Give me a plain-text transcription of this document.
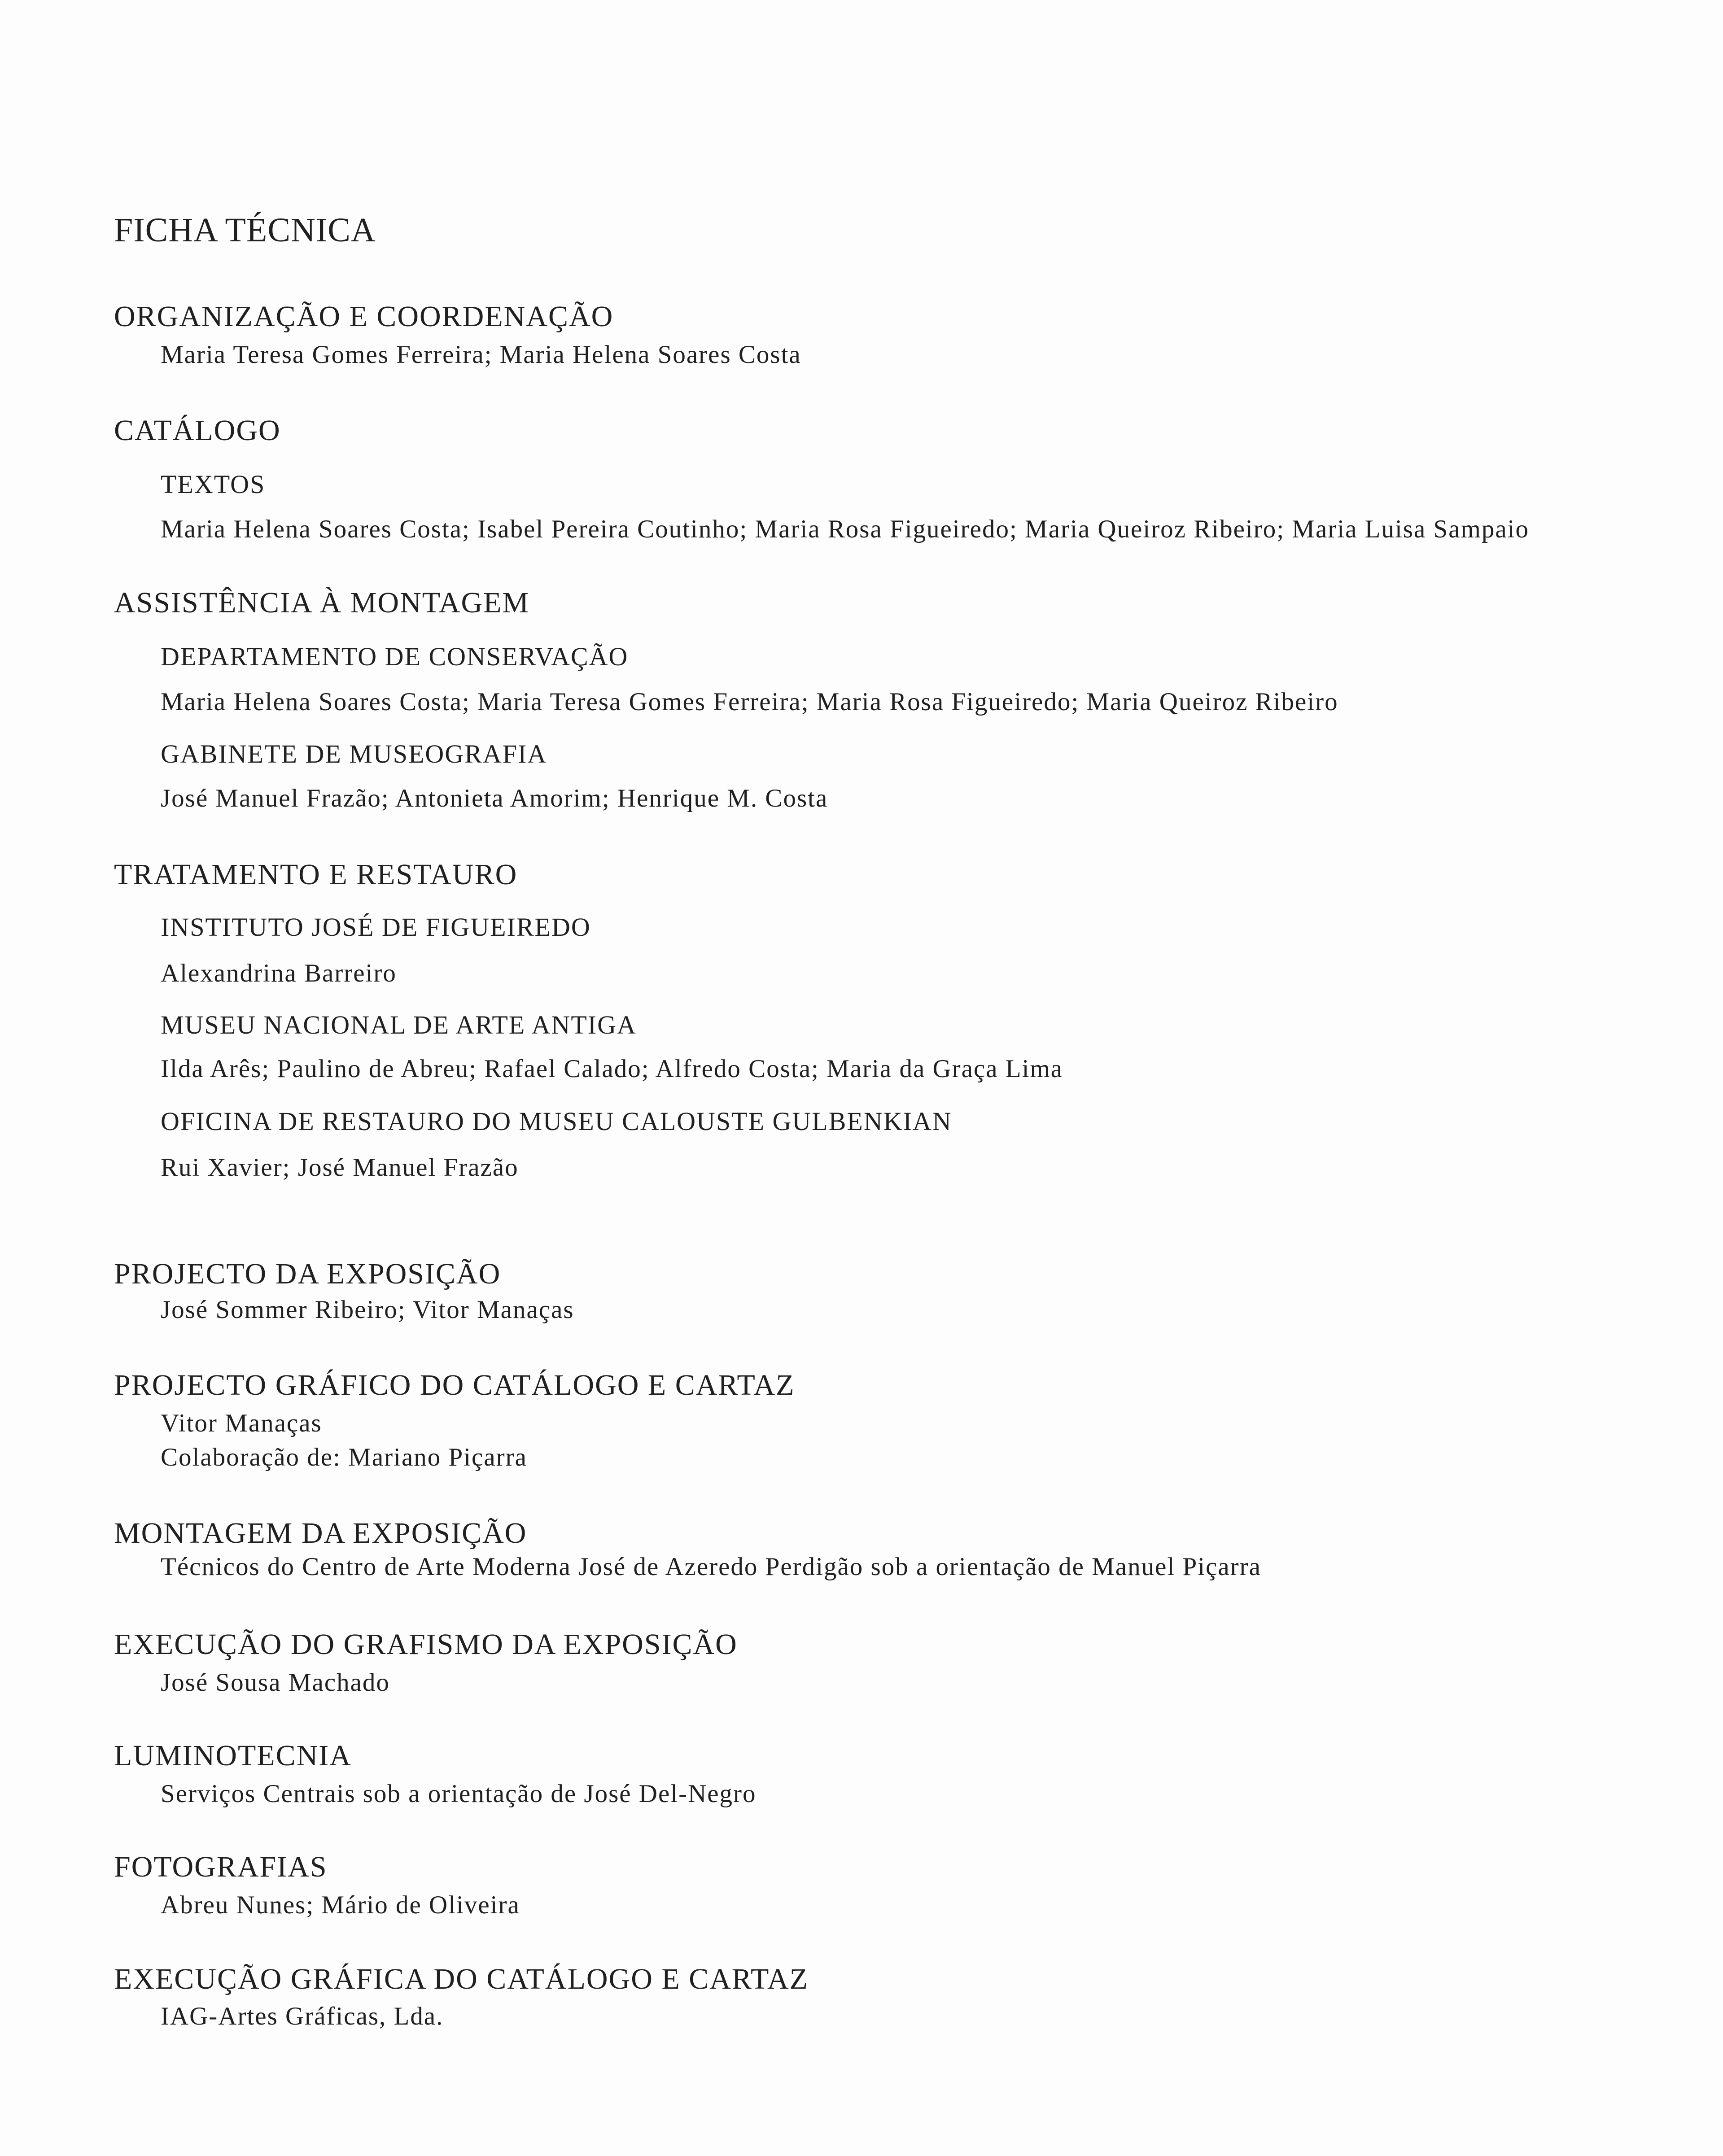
FICHA TÉCNICA
ORGANIZAÇÃO E COORDENAÇÃO
Maria Teresa Gomes Ferreira; Maria Helena Soares Costa
CATÁLOGO
TEXTOS
Maria Helena Soares Costa; Isabel Pereira Coutinho; Maria Rosa Figueiredo; Maria Queiroz Ribeiro; Maria Luisa Sampaio
ASSISTÊNCIA À MONTAGEM
DEPARTAMENTO DE CONSERVAÇÃO
Maria Helena Soares Costa; Maria Teresa Gomes Ferreira; Maria Rosa Figueiredo; Maria Queiroz Ribeiro
GABINETE DE MUSEOGRAFIA
José Manuel Frazão; Antonieta Amorim; Henrique M. Costa
TRATAMENTO E RESTAURO
INSTITUTO JOSÉ DE FIGUEIREDO
Alexandrina Barreiro
MUSEU NACIONAL DE ARTE ANTIGA
Ilda Arês; Paulino de Abreu; Rafael Calado; Alfredo Costa; Maria da Graça Lima
OFICINA DE RESTAURO DO MUSEU CALOUSTE GULBENKIAN
Rui Xavier; José Manuel Frazão
PROJECTO DA EXPOSIÇÃO
José Sommer Ribeiro; Vitor Manaças
PROJECTO GRÁFICO DO CATÁLOGO E CARTAZ
Vitor Manaças
Colaboração de: Mariano Piçarra
MONTAGEM DA EXPOSIÇÃO
Técnicos do Centro de Arte Moderna José de Azeredo Perdigão sob a orientação de Manuel Piçarra
EXECUÇÃO DO GRAFISMO DA EXPOSIÇÃO
José Sousa Machado
LUMINOTECNIA
Serviços Centrais sob a orientação de José Del-Negro
FOTOGRAFIAS
Abreu Nunes; Mário de Oliveira
EXECUÇÃO GRÁFICA DO CATÁLOGO E CARTAZ
IAG-Artes Gráficas, Lda.
